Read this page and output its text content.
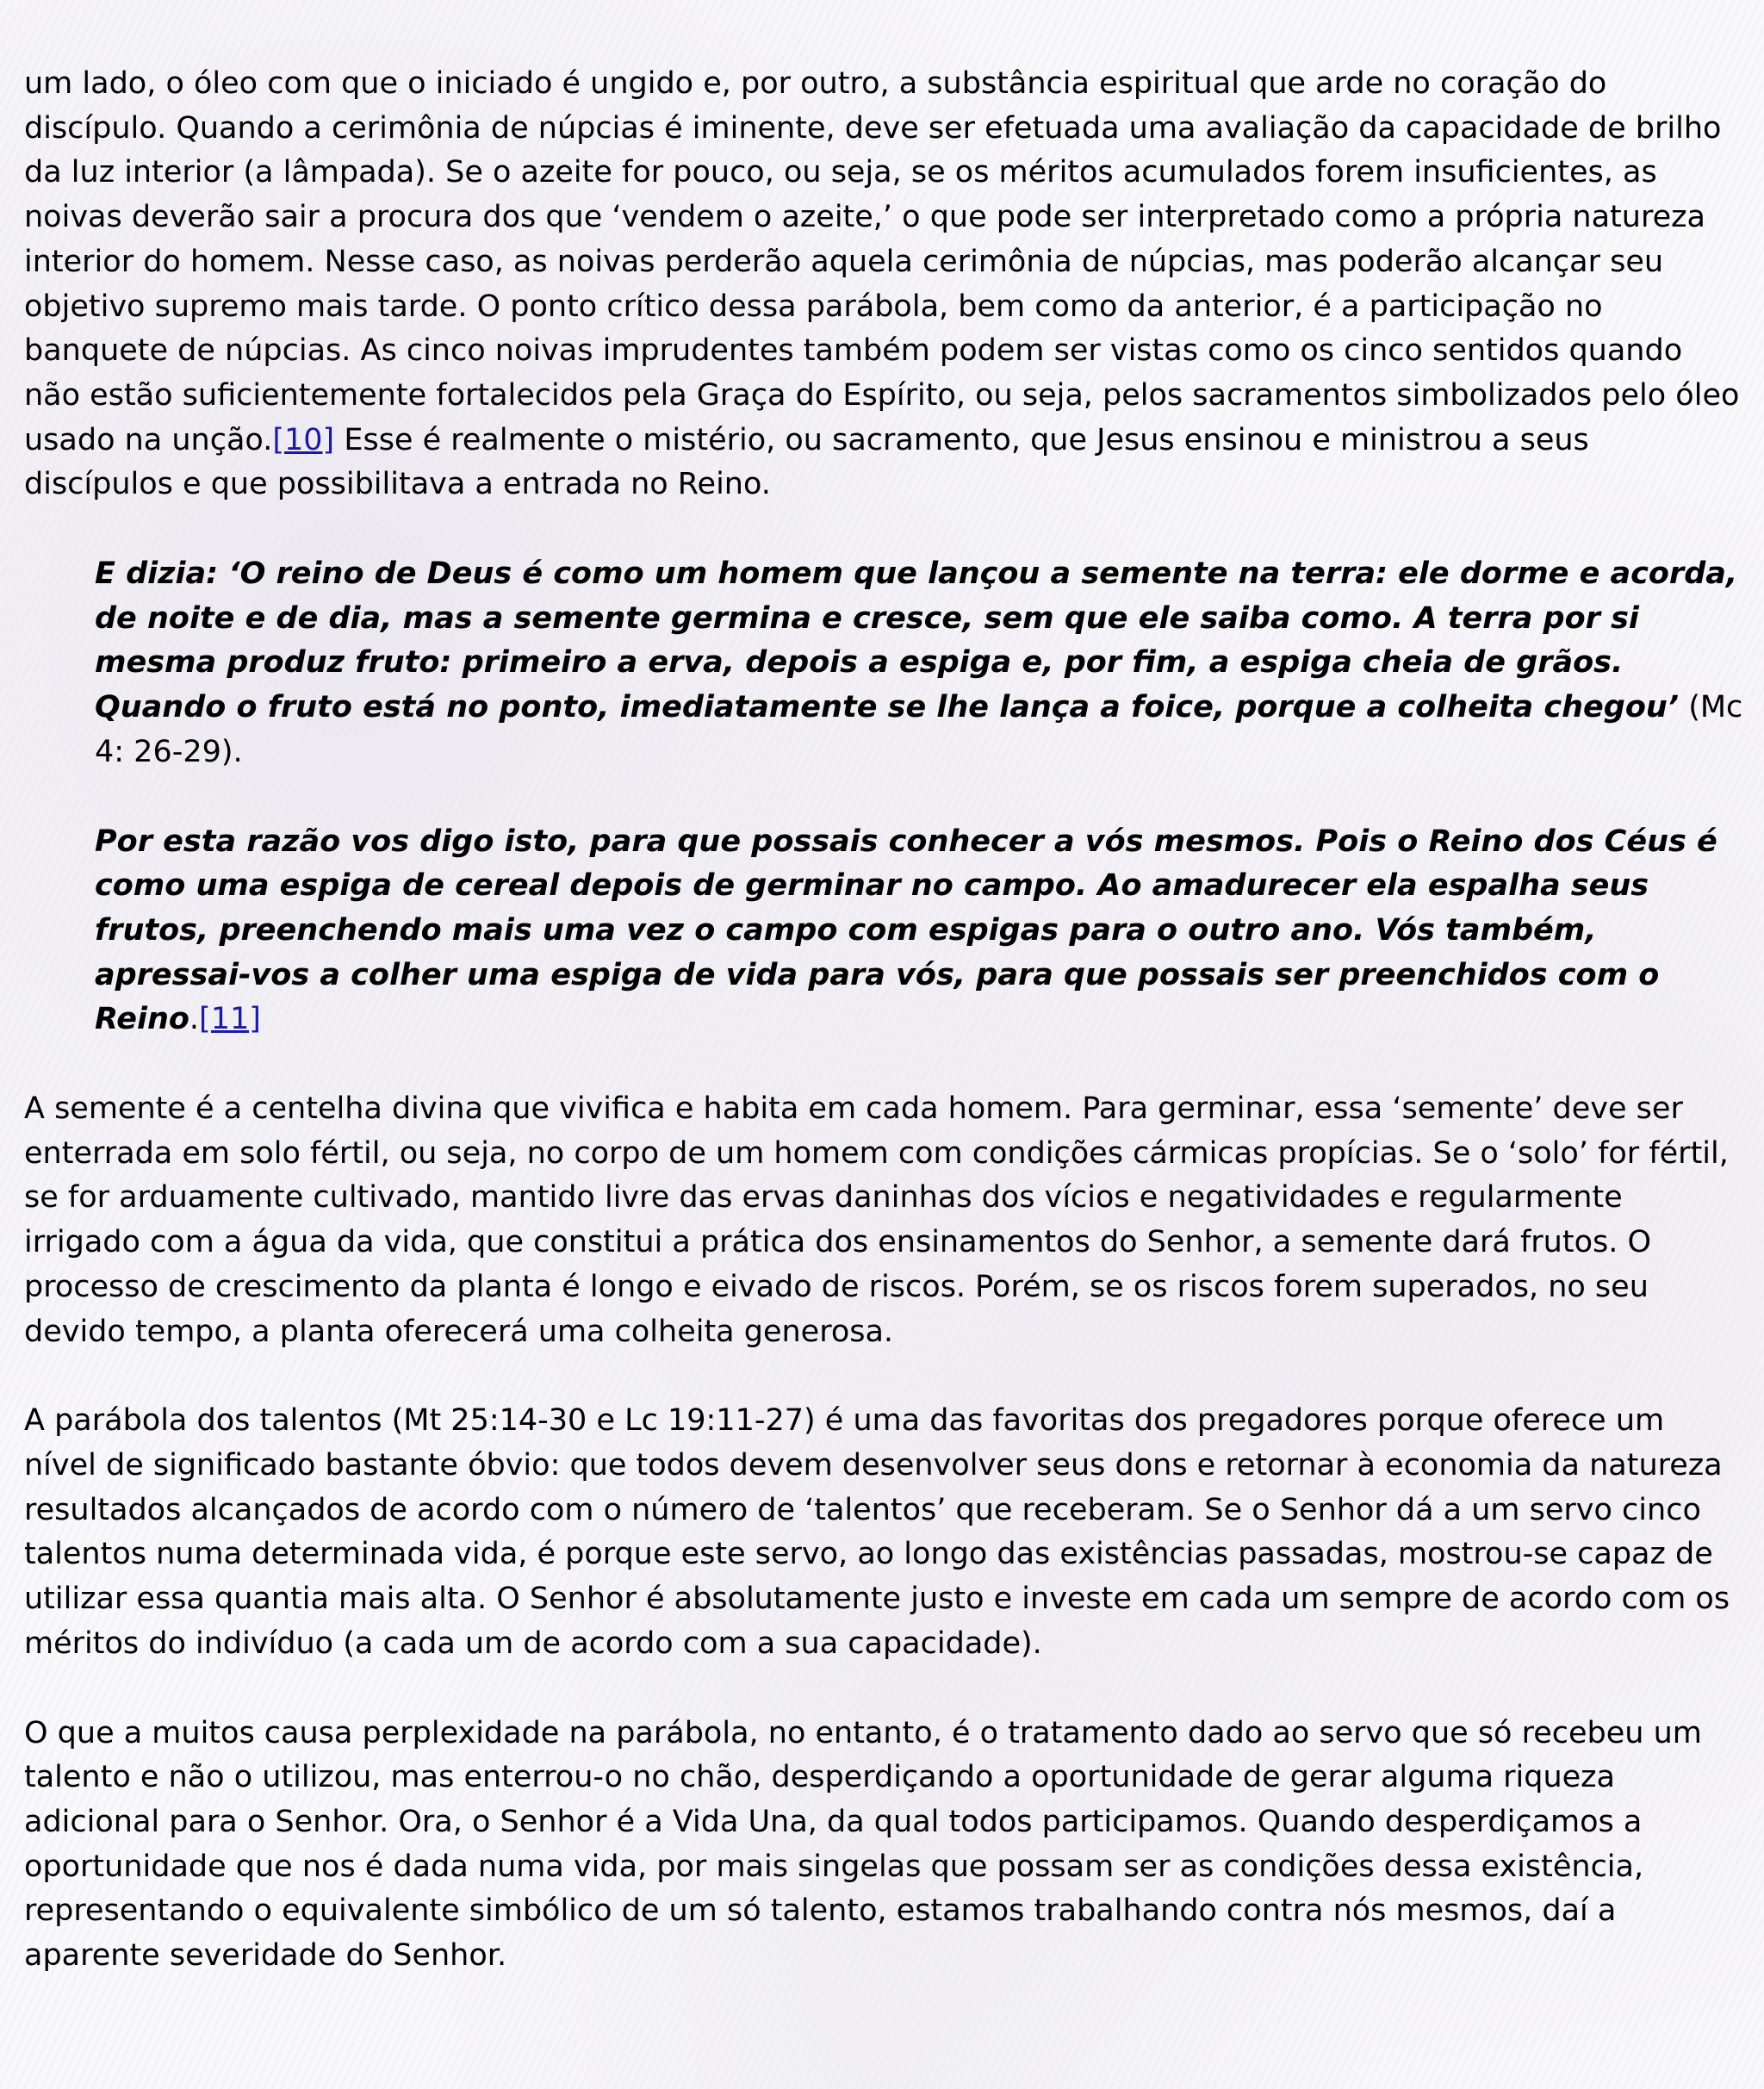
um lado, o óleo com que o iniciado é ungido e, por outro, a substância espiritual que arde no coração do discípulo. Quando a cerimônia de núpcias é iminente, deve ser efetuada uma avaliação da capacidade de brilho da luz interior (a lâmpada). Se o azeite for pouco, ou seja, se os méritos acumulados forem insuficientes, as noivas deverão sair a procura dos que ‘vendem o azeite,’ o que pode ser interpretado como a própria natureza interior do homem. Nesse caso, as noivas perderão aquela cerimônia de núpcias, mas poderão alcançar seu objetivo supremo mais tarde. O ponto crítico dessa parábola, bem como da anterior, é a participação no banquete de núpcias. As cinco noivas imprudentes também podem ser vistas como os cinco sentidos quando não estão suficientemente fortalecidos pela Graça do Espírito, ou seja, pelos sacramentos simbolizados pelo óleo usado na unção.[10] Esse é realmente o mistério, ou sacramento, que Jesus ensinou e ministrou a seus discípulos e que possibilitava a entrada no Reino.

E dizia: ‘O reino de Deus é como um homem que lançou a semente na terra: ele dorme e acorda, de noite e de dia, mas a semente germina e cresce, sem que ele saiba como. A terra por si mesma produz fruto: primeiro a erva, depois a espiga e, por fim, a espiga cheia de grãos. Quando o fruto está no ponto, imediatamente se lhe lança a foice, porque a colheita chegou’ (Mc 4: 26-29).

Por esta razão vos digo isto, para que possais conhecer a vós mesmos. Pois o Reino dos Céus é como uma espiga de cereal depois de germinar no campo. Ao amadurecer ela espalha seus frutos, preenchendo mais uma vez o campo com espigas para o outro ano. Vós também, apressai-vos a colher uma espiga de vida para vós, para que possais ser preenchidos com o Reino.[11]

A semente é a centelha divina que vivifica e habita em cada homem. Para germinar, essa ‘semente’ deve ser enterrada em solo fértil, ou seja, no corpo de um homem com condições cármicas propícias. Se o ‘solo’ for fértil, se for arduamente cultivado, mantido livre das ervas daninhas dos vícios e negatividades e regularmente irrigado com a água da vida, que constitui a prática dos ensinamentos do Senhor, a semente dará frutos. O processo de crescimento da planta é longo e eivado de riscos. Porém, se os riscos forem superados, no seu devido tempo, a planta oferecerá uma colheita generosa.

A parábola dos talentos (Mt 25:14-30 e Lc 19:11-27) é uma das favoritas dos pregadores porque oferece um nível de significado bastante óbvio: que todos devem desenvolver seus dons e retornar à economia da natureza resultados alcançados de acordo com o número de ‘talentos’ que receberam. Se o Senhor dá a um servo cinco talentos numa determinada vida, é porque este servo, ao longo das existências passadas, mostrou-se capaz de utilizar essa quantia mais alta. O Senhor é absolutamente justo e investe em cada um sempre de acordo com os méritos do indivíduo (a cada um de acordo com a sua capacidade).

O que a muitos causa perplexidade na parábola, no entanto, é o tratamento dado ao servo que só recebeu um talento e não o utilizou, mas enterrou-o no chão, desperdiçando a oportunidade de gerar alguma riqueza adicional para o Senhor. Ora, o Senhor é a Vida Una, da qual todos participamos. Quando desperdiçamos a oportunidade que nos é dada numa vida, por mais singelas que possam ser as condições dessa existência, representando o equivalente simbólico de um só talento, estamos trabalhando contra nós mesmos, daí a aparente severidade do Senhor.
